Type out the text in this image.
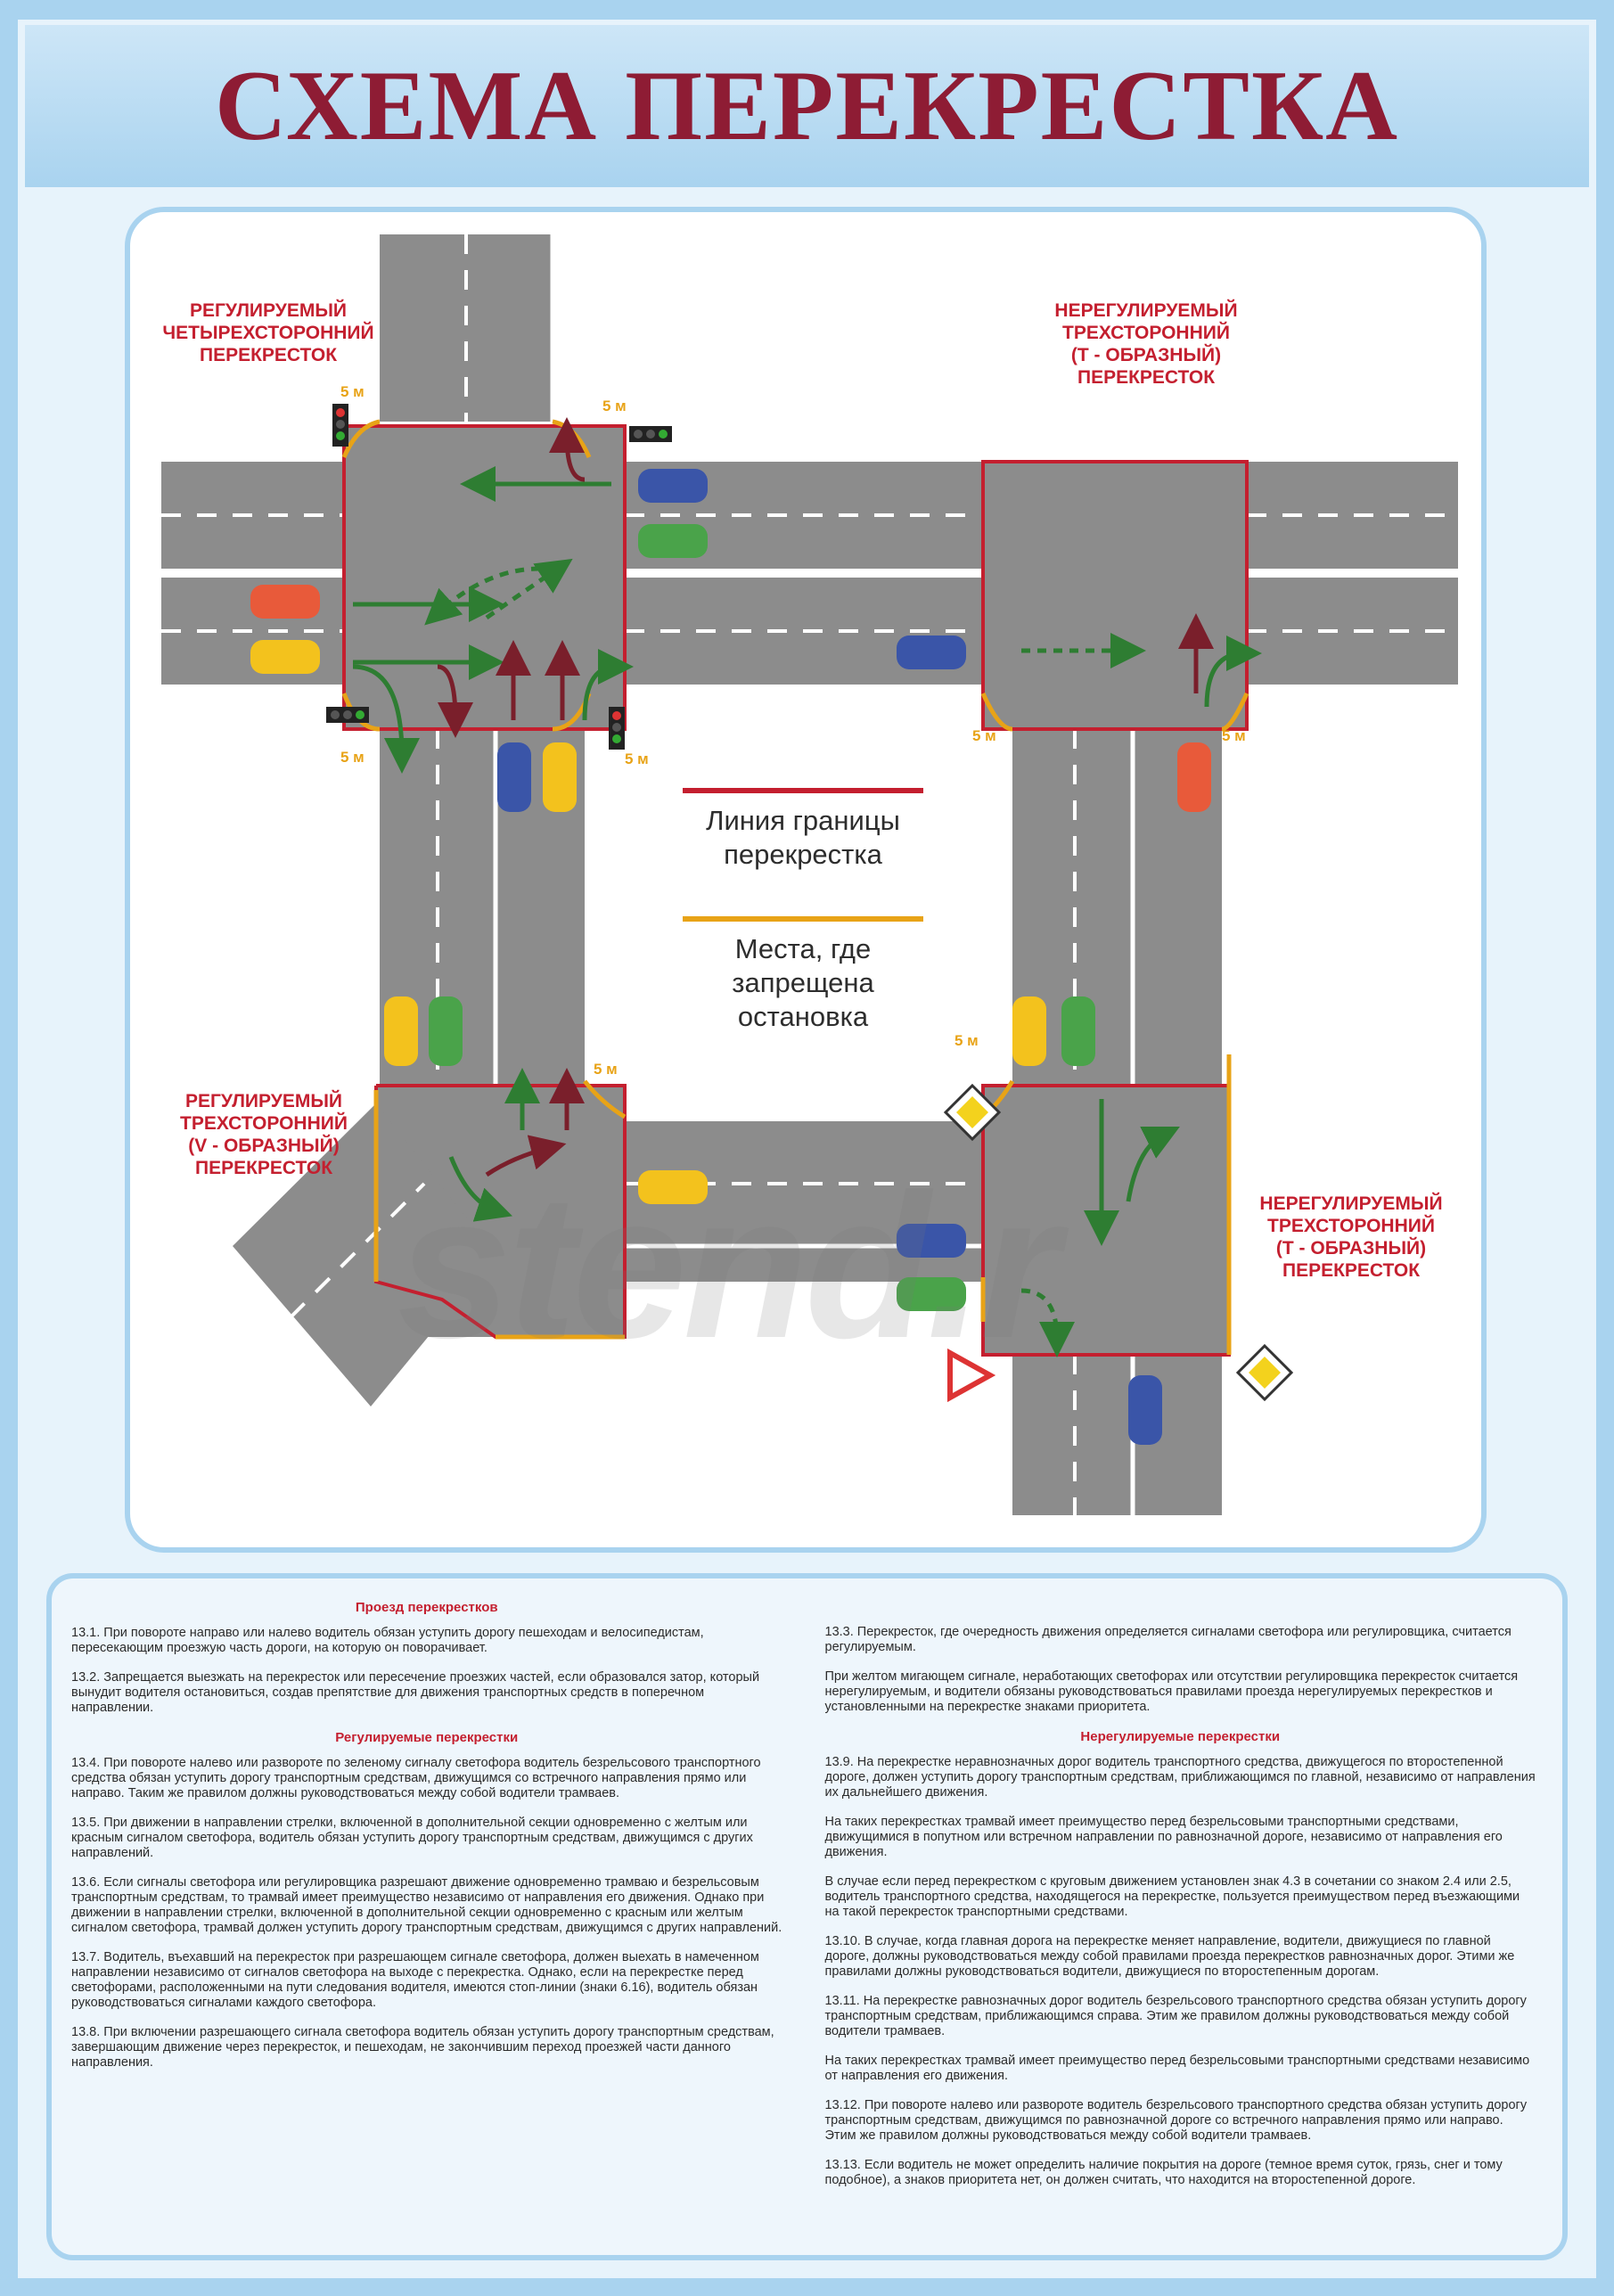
СХЕМА ПЕРЕКРЕСТКА
РЕГУЛИРУЕМЫЙ
ЧЕТЫРЕХСТОРОННИЙ
ПЕРЕКРЕСТОК
НЕРЕГУЛИРУЕМЫЙ
ТРЕХСТОРОННИЙ
(Т - ОБРАЗНЫЙ)
ПЕРЕКРЕСТОК
РЕГУЛИРУЕМЫЙ
ТРЕХСТОРОННИЙ
(V - ОБРАЗНЫЙ)
ПЕРЕКРЕСТОК
НЕРЕГУЛИРУЕМЫЙ
ТРЕХСТОРОННИЙ
(Т - ОБРАЗНЫЙ)
ПЕРЕКРЕСТОК
Линия границы
перекрестка
Места, где
запрещена
остановка
5 м
5 м
5 м	5 м
5 м	5 м
5 м
5 м
stend.r
Проезд перекрестков

13.1. При повороте направо или налево водитель обязан уступить дорогу пешеходам и велосипедистам, пересекающим проезжую часть дороги, на которую он поворачивает.

13.2. Запрещается выезжать на перекресток или пересечение проезжих частей, если образовался затор, который вынудит водителя остановиться, создав препятствие для движения транспортных средств в поперечном направлении.

Регулируемые перекрестки

13.4. При повороте налево или развороте по зеленому сигналу светофора водитель безрельсового транспортного средства обязан уступить дорогу транспортным средствам, движущимся со встречного направления прямо или направо. Таким же правилом должны руководствоваться между собой водители трамваев.

13.5. При движении в направлении стрелки, включенной в дополнительной секции одновременно с желтым или красным сигналом светофора, водитель обязан уступить дорогу транспортным средствам, движущимся с других направлений.

13.6. Если сигналы светофора или регулировщика разрешают движение одновременно трамваю и безрельсовым транспортным средствам, то трамвай имеет преимущество независимо от направления его движения. Однако при движении в направлении стрелки, включенной в дополнительной секции одновременно с красным или желтым сигналом светофора, трамвай должен уступить дорогу транспортным средствам, движущимся с других направлений.

13.7. Водитель, въехавший на перекресток при разрешающем сигнале светофора, должен выехать в намеченном направлении независимо от сигналов светофора на выходе с перекрестка. Однако, если на перекрестке перед светофорами, расположенными на пути следования водителя, имеются стоп-линии (знаки 6.16), водитель обязан руководствоваться сигналами каждого светофора.

13.8. При включении разрешающего сигнала светофора водитель обязан уступить дорогу транспортным средствам, завершающим движение через перекресток, и пешеходам, не закончившим переход проезжей части данного направления.

13.3. Перекресток, где очередность движения определяется сигналами светофора или регулировщика, считается регулируемым.

При желтом мигающем сигнале, неработающих светофорах или отсутствии регулировщика перекресток считается нерегулируемым, и водители обязаны руководствоваться правилами проезда нерегулируемых перекрестков и установленными на перекрестке знаками приоритета.

Нерегулируемые перекрестки

13.9. На перекрестке неравнозначных дорог водитель транспортного средства, движущегося по второстепенной дороге, должен уступить дорогу транспортным средствам, приближающимся по главной, независимо от направления их дальнейшего движения.

На таких перекрестках трамвай имеет преимущество перед безрельсовыми транспортными средствами, движущимися в попутном или встречном направлении по равнозначной дороге, независимо от направления его движения.

В случае если перед перекрестком с круговым движением установлен знак 4.3 в сочетании со знаком 2.4 или 2.5, водитель транспортного средства, находящегося на перекрестке, пользуется преимуществом перед въезжающими на такой перекресток транспортными средствами.

13.10. В случае, когда главная дорога на перекрестке меняет направление, водители, движущиеся по главной дороге, должны руководствоваться между собой правилами проезда перекрестков равнозначных дорог. Этими же правилами должны руководствоваться водители, движущиеся по второстепенным дорогам.

13.11. На перекрестке равнозначных дорог водитель безрельсового транспортного средства обязан уступить дорогу транспортным средствам, приближающимся справа. Этим же правилом должны руководствоваться между собой водители трамваев.

На таких перекрестках трамвай имеет преимущество перед безрельсовыми транспортными средствами независимо от направления его движения.

13.12. При повороте налево или развороте водитель безрельсового транспортного средства обязан уступить дорогу транспортным средствам, движущимся по равнозначной дороге со встречного направления прямо или направо. Этим же правилом должны руководствоваться между собой водители трамваев.

13.13. Если водитель не может определить наличие покрытия на дороге (темное время суток, грязь, снег и тому подобное), а знаков приоритета нет, он должен считать, что находится на второстепенной дороге.
